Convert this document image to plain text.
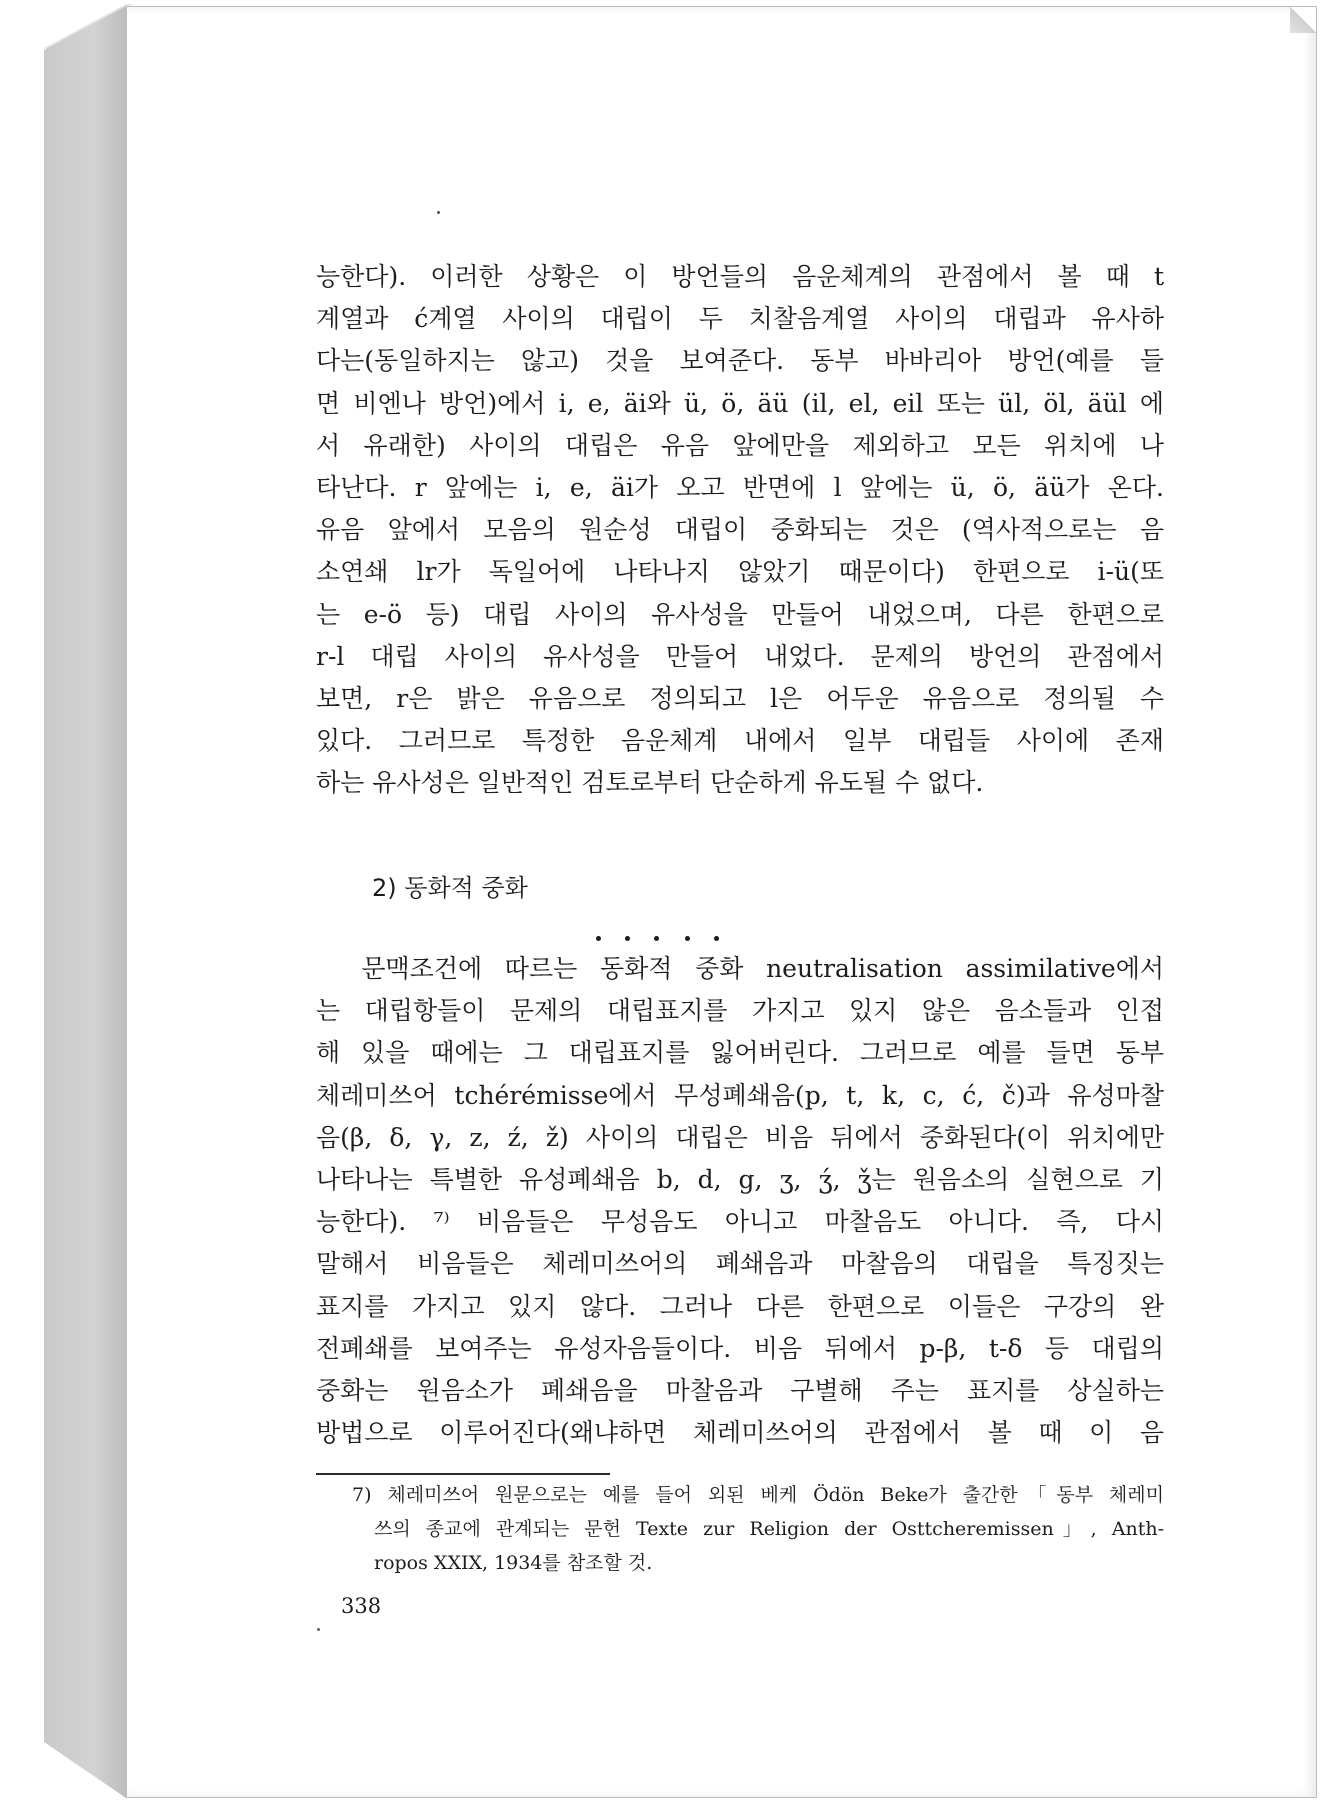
능한다). 이러한 상황은 이 방언들의 음운체계의 관점에서 볼 때 t
계열과 ć계열 사이의 대립이 두 치찰음계열 사이의 대립과 유사하
다는(동일하지는 않고) 것을 보여준다. 동부 바바리아 방언(예를 들
면 비엔나 방언)에서 i, e, äi와 ü, ö, äü (il, el, eil 또는 ül, öl, äül 에
서 유래한) 사이의 대립은 유음 앞에만을 제외하고 모든 위치에 나
타난다. r 앞에는 i, e, äi가 오고 반면에 l 앞에는 ü, ö, äü가 온다.
유음 앞에서 모음의 원순성 대립이 중화되는 것은 (역사적으로는 음
소연쇄 lr가 독일어에 나타나지 않았기 때문이다) 한편으로 i-ü(또
는 e-ö 등) 대립 사이의 유사성을 만들어 내었으며, 다른 한편으로
r-l 대립 사이의 유사성을 만들어 내었다. 문제의 방언의 관점에서
보면, r은 밝은 유음으로 정의되고 l은 어두운 유음으로 정의될 수
있다. 그러므로 특정한 음운체계 내에서 일부 대립들 사이에 존재
하는 유사성은 일반적인 검토로부터 단순하게 유도될 수 없다.
2) 동화적 중화
문맥조건에 따르는 동화적 중화 neutralisation assimilative에서
는 대립항들이 문제의 대립표지를 가지고 있지 않은 음소들과 인접
해 있을 때에는 그 대립표지를 잃어버린다. 그러므로 예를 들면 동부
체레미쓰어 tchérémisse에서 무성폐쇄음(p, t, k, c, ć, č)과 유성마찰
음(β, δ, γ, z, ź, ž) 사이의 대립은 비음 뒤에서 중화된다(이 위치에만
나타나는 특별한 유성폐쇄음 b, d, g, ʒ, ʒ́, ǯ는 원음소의 실현으로 기
능한다). ⁷⁾ 비음들은 무성음도 아니고 마찰음도 아니다. 즉, 다시
말해서 비음들은 체레미쓰어의 폐쇄음과 마찰음의 대립을 특징짓는
표지를 가지고 있지 않다. 그러나 다른 한편으로 이들은 구강의 완
전폐쇄를 보여주는 유성자음들이다. 비음 뒤에서 p-β, t-δ 등 대립의
중화는 원음소가 폐쇄음을 마찰음과 구별해 주는 표지를 상실하는
방법으로 이루어진다(왜냐하면 체레미쓰어의 관점에서 볼 때 이 음
7) 체레미쓰어 원문으로는 예를 들어 외된 베케 Ödön Beke가 출간한「동부 체레미
쓰의 종교에 관계되는 문헌 Texte zur Religion der Osttcheremissen」, Anth-
ropos XXIX, 1934를 참조할 것.
338
